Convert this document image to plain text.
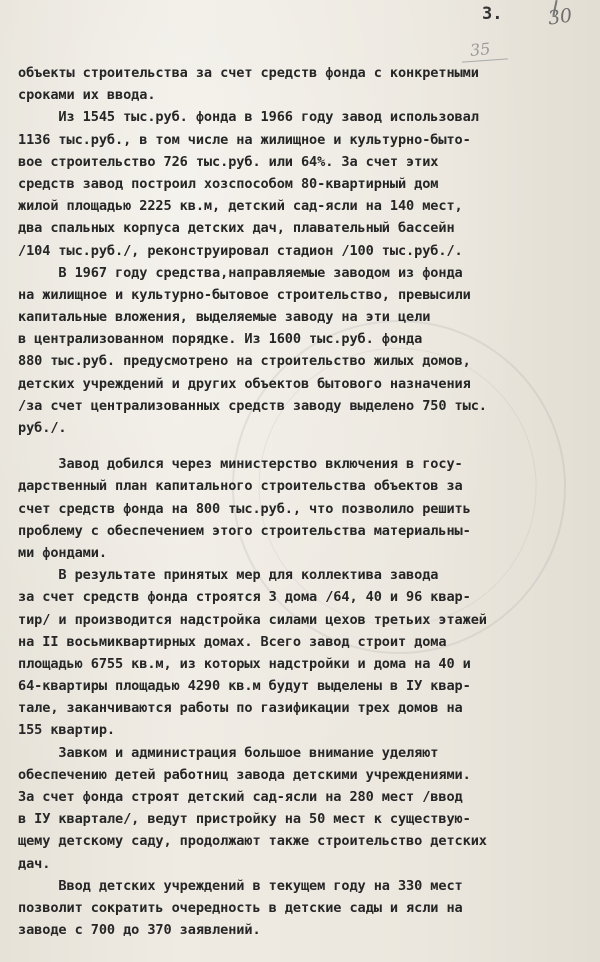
3. 30
35
объекты строительства за счет средств фонда с конкретными
сроками их ввода.
Из 1545 тыс.руб. фонда в 1966 году завод использовал
1136 тыс.руб., в том числе на жилищное и культурно-быто-
вое строительство 726 тыс.руб. или 64%. За счет этих
средств завод построил хозспособом 80-квартирный дом
жилой площадью 2225 кв.м, детский сад-ясли на 140 мест,
два спальных корпуса детских дач, плавательный бассейн
/104 тыс.руб./, реконструировал стадион /100 тыс.руб./.
В 1967 году средства,направляемые заводом из фонда
на жилищное и культурно-бытовое строительство, превысили
капитальные вложения, выделяемые заводу на эти цели
в централизованном порядке. Из 1600 тыс.руб. фонда
880 тыс.руб. предусмотрено на строительство жилых домов,
детских учреждений и других объектов бытового назначения
/за счет централизованных средств заводу выделено 750 тыс.
руб./.
Завод добился через министерство включения в госу-
дарственный план капитального строительства объектов за
счет средств фонда на 800 тыс.руб., что позволило решить
проблему с обеспечением этого строительства материальны-
ми фондами.
В результате принятых мер для коллектива завода
за счет средств фонда строятся 3 дома /64, 40 и 96 квар-
тир/ и производится надстройка силами цехов третьих этажей
на II восьмиквартирных домах. Всего завод строит дома
площадью 6755 кв.м, из которых надстройки и дома на 40 и
64-квартиры площадью 4290 кв.м будут выделены в IУ квар-
тале, заканчиваются работы по газификации трех домов на
155 квартир.
Завком и администрация большое внимание уделяют
обеспечению детей работниц завода детскими учреждениями.
За счет фонда строят детский сад-ясли на 280 мест /ввод
в IУ квартале/, ведут пристройку на 50 мест к существую-
щему детскому саду, продолжают также строительство детских
дач.
Ввод детских учреждений в текущем году на 330 мест
позволит сократить очередность в детские сады и ясли на
заводе с 700 до 370 заявлений.
